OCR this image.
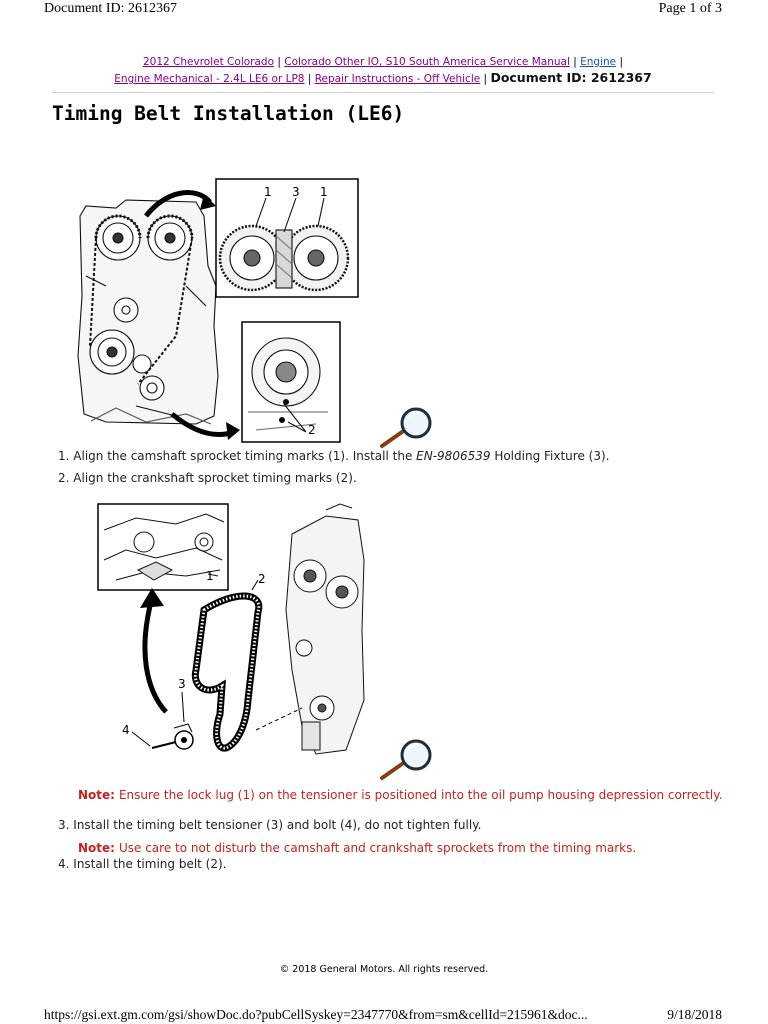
Document ID: 2612367	Page 1 of 3
2012 Chevrolet Colorado | Colorado Other IO, S10 South America Service Manual | Engine |
Engine Mechanical - 2.4L LE6 or LP8 | Repair Instructions - Off Vehicle | Document ID: 2612367
Timing Belt Installation (LE6)
1 3 1
2
1. Align the camshaft sprocket timing marks (1). Install the EN-9806539 Holding Fixture (3).
2. Align the crankshaft sprocket timing marks (2).
1	2
3
4
Note: Ensure the lock lug (1) on the tensioner is positioned into the oil pump housing depression correctly.
3. Install the timing belt tensioner (3) and bolt (4), do not tighten fully.
Note: Use care to not disturb the camshaft and crankshaft sprockets from the timing marks.
4. Install the timing belt (2).
© 2018 General Motors. All rights reserved.
https://gsi.ext.gm.com/gsi/showDoc.do?pubCellSyskey=2347770&from=sm&cellId=215961&doc...	9/18/2018
